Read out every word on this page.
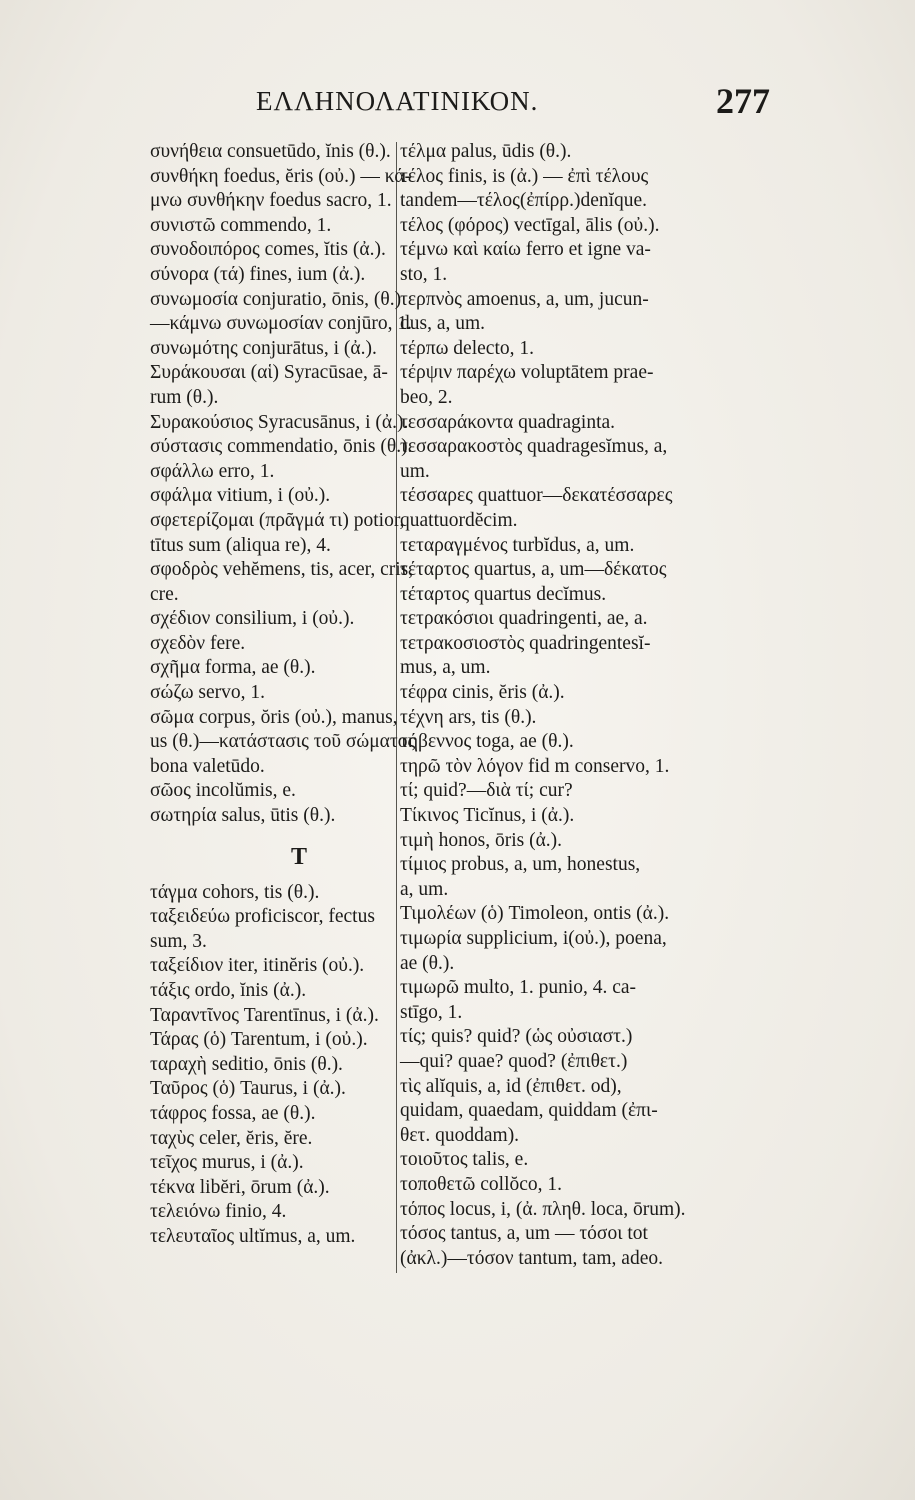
ΕΛΛΗΝΟΛΑΤΙΝΙΚΟΝ.	277
συνήθεια consuetūdo, ĭnis (θ.).
συνθήκη foedus, ĕris (οὐ.) — κά-
μνω συνθήκην foedus sacro, 1.
συνιστῶ commendo, 1.
συνοδοιπόρος comes, ĭtis (ἀ.).
σύνορα (τά) fines, ium (ἀ.).
συνωμοσία conjuratio, ōnis, (θ.)
—κάμνω συνωμοσίαν conjūro, 1.
συνωμότης conjurātus, i (ἀ.).
Συράκουσαι (αἱ) Syracūsae, ā-
rum (θ.).
Συρακούσιος Syracusānus, i (ἀ.).
σύστασις commendatio, ōnis (θ.).
σφάλλω erro, 1.
σφάλμα vitium, i (οὐ.).
σφετερίζομαι (πρᾶγμά τι) potior,
tītus sum (aliqua re), 4.
σφοδρὸς vehĕmens, tis, acer, cris,
cre.
σχέδιον consilium, i (οὐ.).
σχεδὸν fere.
σχῆμα forma, ae (θ.).
σώζω servo, 1.
σῶμα corpus, ŏris (οὐ.), manus,
us (θ.)—κατάστασις τοῦ σώματος
bona valetūdo.
σῶος incolŭmis, e.
σωτηρία salus, ūtis (θ.).
T
τάγμα cohors, tis (θ.).
ταξειδεύω proficiscor, fectus
sum, 3.
ταξείδιον iter, itinĕris (οὐ.).
τάξις ordo, ĭnis (ἀ.).
Ταραντῖνος Tarentīnus, i (ἀ.).
Τάρας (ὁ) Tarentum, i (οὐ.).
ταραχὴ seditio, ōnis (θ.).
Ταῦρος (ὁ) Taurus, i (ἀ.).
τάφρος fossa, ae (θ.).
ταχὺς celer, ĕris, ĕre.
τεῖχος murus, i (ἀ.).
τέκνα libĕri, ōrum (ἀ.).
τελειόνω finio, 4.
τελευταῖος ultĭmus, a, um.
τέλμα palus, ūdis (θ.).
τέλος finis, is (ἀ.) — ἐπὶ τέλους
tandem—τέλος(ἐπίρρ.)denĭque.
τέλος (φόρος) vectīgal, ālis (οὐ.).
τέμνω καὶ καίω ferro et igne va-
sto, 1.
τερπνὸς amoenus, a, um, jucun-
dus, a, um.
τέρπω delecto, 1.
τέρψιν παρέχω voluptātem prae-
beo, 2.
τεσσαράκοντα quadraginta.
τεσσαρακοστὸς quadragesĭmus, a,
um.
τέσσαρες quattuor—δεκατέσσαρες
quattuordĕcim.
τεταραγμένος turbĭdus, a, um.
τέταρτος quartus, a, um—δέκατος
τέταρτος quartus decĭmus.
τετρακόσιοι quadringenti, ae, a.
τετρακοσιοστὸς quadringentesĭ-
mus, a, um.
τέφρα cinis, ĕris (ἀ.).
τέχνη ars, tis (θ.).
τήβεννος toga, ae (θ.).
τηρῶ τὸν λόγον fid m conservo, 1.
τί; quid?—διὰ τί; cur?
Τίκινος Ticĭnus, i (ἀ.).
τιμὴ honos, ōris (ἀ.).
τίμιος probus, a, um, honestus,
a, um.
Τιμολέων (ὁ) Timoleon, ontis (ἀ.).
τιμωρία supplicium, i(οὐ.), poena,
ae (θ.).
τιμωρῶ multo, 1. punio, 4. ca-
stīgo, 1.
τίς; quis? quid? (ὡς οὐσιαστ.)
—qui? quae? quod? (ἐπιθετ.)
τὶς alĭquis, a, id (ἐπιθετ. od),
quidam, quaedam, quiddam (ἐπι-
θετ. quoddam).
τοιοῦτος talis, e.
τοποθετῶ collŏco, 1.
τόπος locus, i, (ἀ. πληθ. loca, ōrum).
τόσος tantus, a, um — τόσοι tot
(ἀκλ.)—τόσον tantum, tam, adeo.
